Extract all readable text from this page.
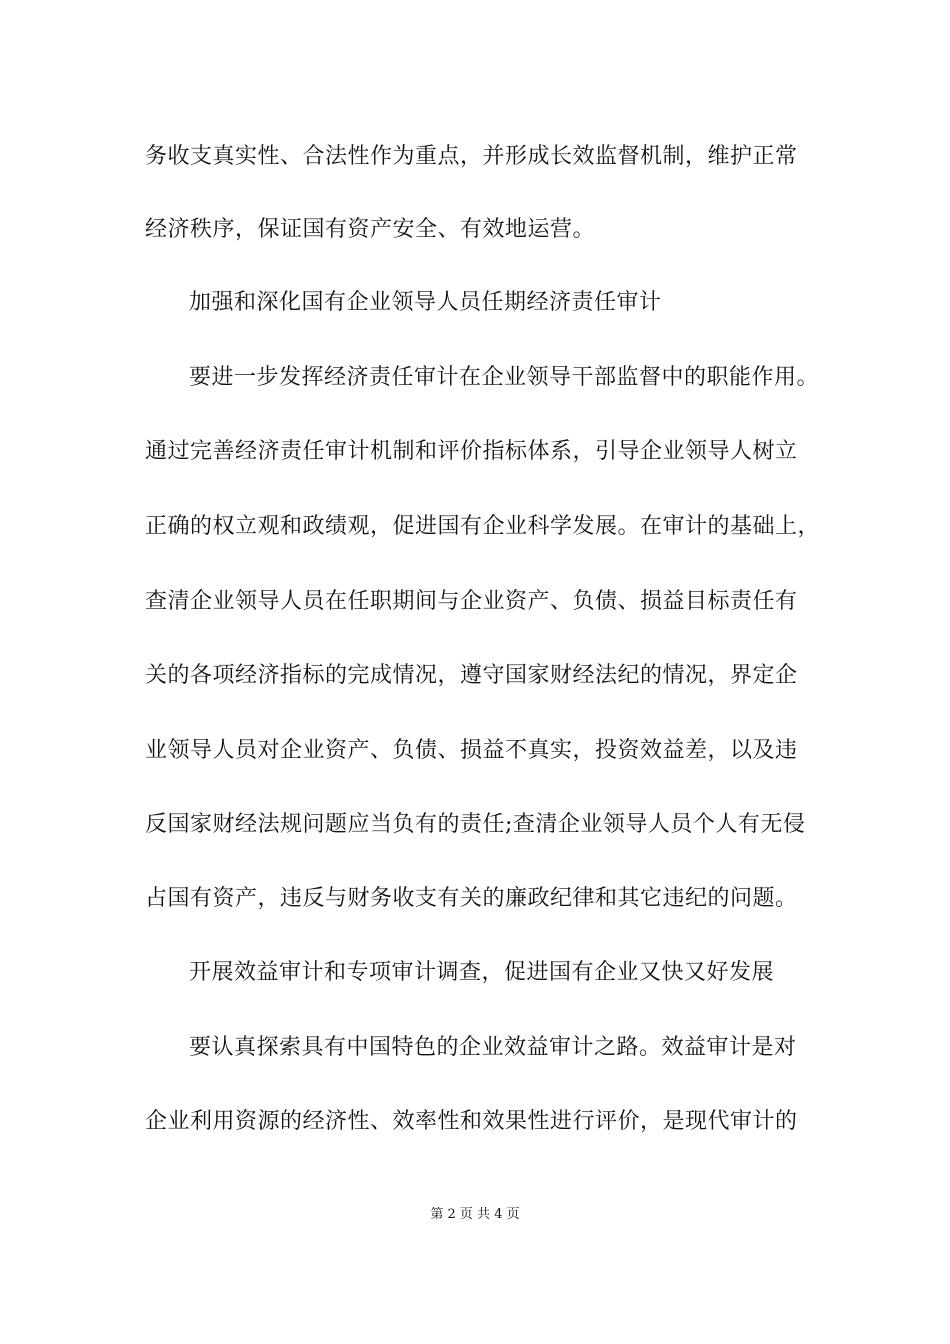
务收支真实性、合法性作为重点，并形成长效监督机制，维护正常
经济秩序，保证国有资产安全、有效地运营。
加强和深化国有企业领导人员任期经济责任审计
要进一步发挥经济责任审计在企业领导干部监督中的职能作用。
通过完善经济责任审计机制和评价指标体系，引导企业领导人树立
正确的权立观和政绩观，促进国有企业科学发展。在审计的基础上，
查清企业领导人员在任职期间与企业资产、负债、损益目标责任有
关的各项经济指标的完成情况，遵守国家财经法纪的情况，界定企
业领导人员对企业资产、负债、损益不真实，投资效益差，以及违
反国家财经法规问题应当负有的责任;查清企业领导人员个人有无侵
占国有资产，违反与财务收支有关的廉政纪律和其它违纪的问题。
开展效益审计和专项审计调查，促进国有企业又快又好发展
要认真探索具有中国特色的企业效益审计之路。效益审计是对
企业利用资源的经济性、效率性和效果性进行评价，是现代审计的
第 2 页 共 4 页
